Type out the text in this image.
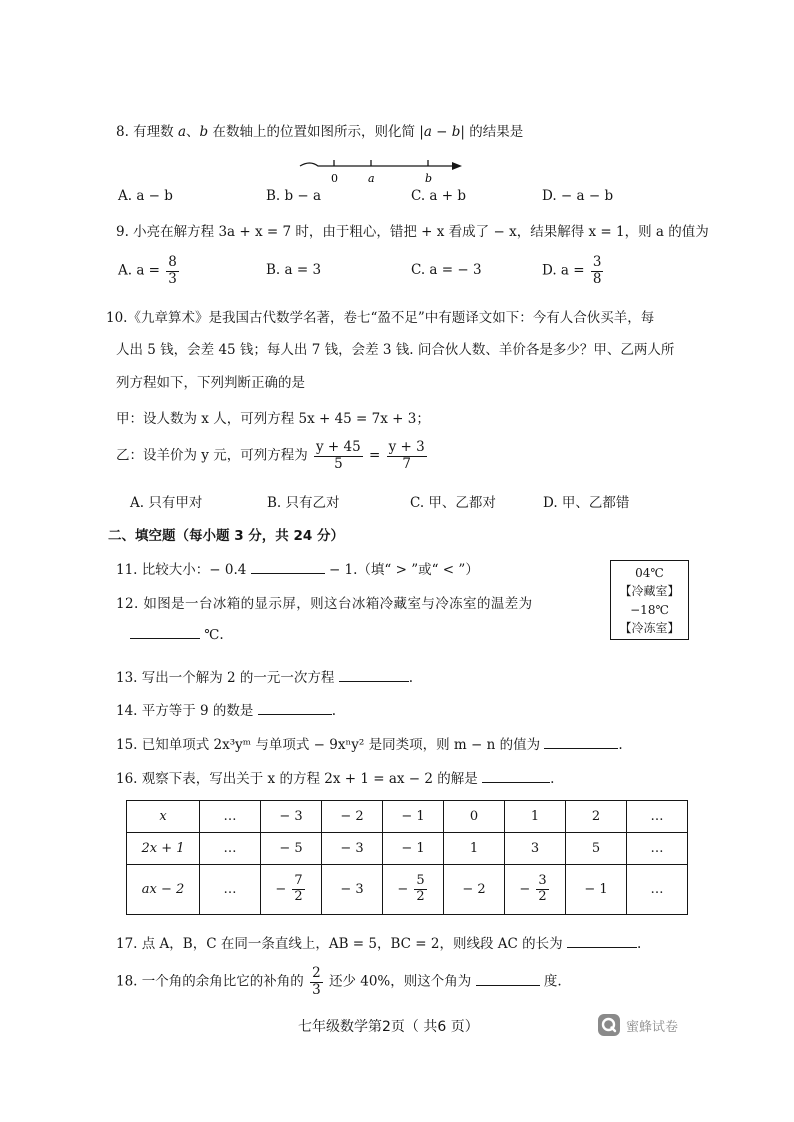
8. 有理数 a、b 在数轴上的位置如图所示，则化简 |a − b| 的结果是
0	a	b
A. a − b	B. b − a	C. a + b	D. − a − b
9. 小亮在解方程 3a + x = 7 时，由于粗心，错把 + x 看成了 − x，结果解得 x = 1，则 a 的值为
A. $a = \frac{8}{3}$	B. a = 3	C. a = − 3	D. $a = \frac{3}{8}$
10.《九章算术》是我国古代数学名著，卷七“盈不足”中有题译文如下：今有人合伙买羊，每
人出 5 钱，会差 45 钱；每人出 7 钱，会差 3 钱. 问合伙人数、羊价各是多少？甲、乙两人所
列方程如下，下列判断正确的是
甲：设人数为 x 人，可列方程 5x + 45 = 7x + 3；
乙：设羊价为 y 元，可列方程为 $\frac{y + 45}{5} = \frac{y + 3}{7}$
A. 只有甲对	B. 只有乙对	C. 甲、乙都对	D. 甲、乙都错
二、填空题（每小题 3 分，共 24 分）
11. 比较大小：− 0.4	− 1.（填“ > ”或“ < ”）	04℃
【冷藏室】
−18℃
【冷冻室】
12. 如图是一台冰箱的显示屏，则这台冰箱冷藏室与冷冻室的温差为
℃.
13. 写出一个解为 2 的一元一次方程	.
14. 平方等于 9 的数是	.
15. 已知单项式 2x³yᵐ 与单项式 − 9xⁿy² 是同类项，则 m − n 的值为	.
16. 观察下表，写出关于 x 的方程 2x + 1 = ax − 2 的解是	.
x	…	− 3	− 2	− 1	0	1	2	…
2x + 1	…	− 5	− 3	− 1	1	3	5	…
ax − 2	…	− $\frac{7}{2}$	− 3	− $\frac{5}{2}$	− 2	− $\frac{3}{2}$	− 1	…
17. 点 A，B，C 在同一条直线上，AB = 5，BC = 2，则线段 AC 的长为	.
18. 一个角的余角比它的补角的 $\frac{2}{3}$ 还少 40%，则这个角为	度.
七年级数学第2页（ 共6 页）	蜜蜂试卷
